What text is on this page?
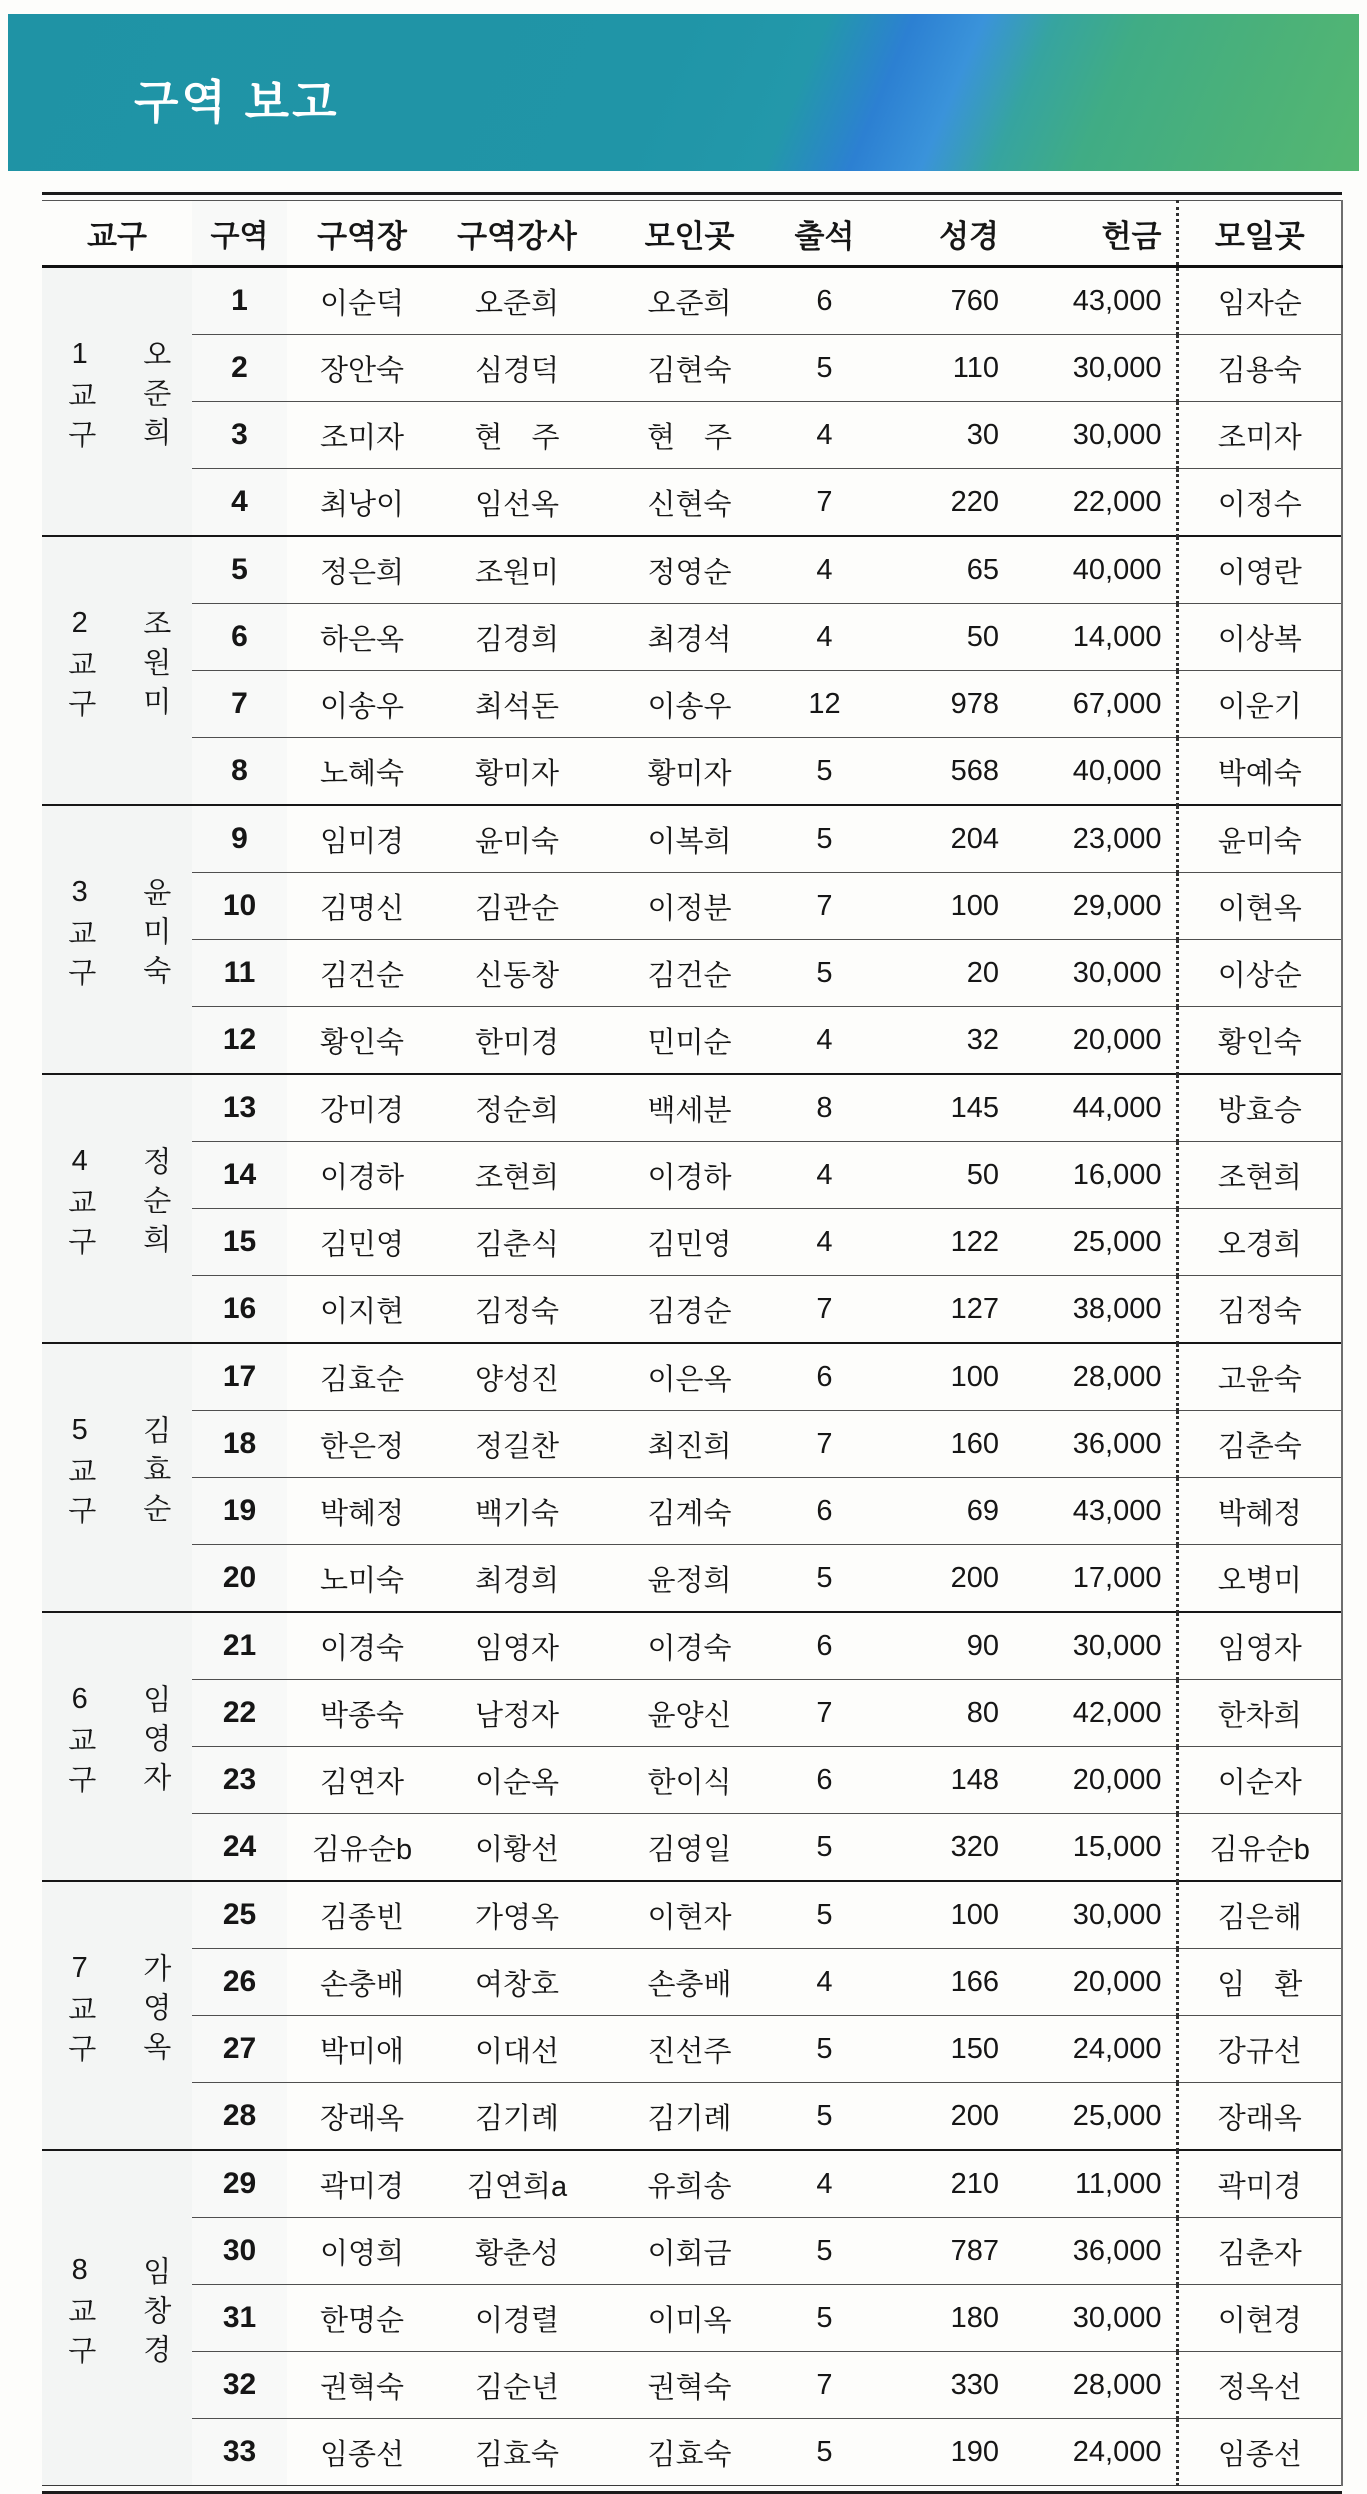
구역 보고
교구		구역	구역장	구역강사	모인곳	출석	성경	헌금	모일곳
1교구	오준희	1	이순덕	오준희	오준희	6	760	43,000	임자순
		2	장안숙	심경덕	김현숙	5	110	30,000	김용숙
		3	조미자	현　주	현　주	4	30	30,000	조미자
		4	최낭이	임선옥	신현숙	7	220	22,000	이정수
2교구	조원미	5	정은희	조원미	정영순	4	65	40,000	이영란
		6	하은옥	김경희	최경석	4	50	14,000	이상복
		7	이송우	최석돈	이송우	12	978	67,000	이운기
		8	노혜숙	황미자	황미자	5	568	40,000	박예숙
3교구	윤미숙	9	임미경	윤미숙	이복희	5	204	23,000	윤미숙
		10	김명신	김관순	이정분	7	100	29,000	이현옥
		11	김건순	신동창	김건순	5	20	30,000	이상순
		12	황인숙	한미경	민미순	4	32	20,000	황인숙
4교구	정순희	13	강미경	정순희	백세분	8	145	44,000	방효승
		14	이경하	조현희	이경하	4	50	16,000	조현희
		15	김민영	김춘식	김민영	4	122	25,000	오경희
		16	이지현	김정숙	김경순	7	127	38,000	김정숙
5교구	김효순	17	김효순	양성진	이은옥	6	100	28,000	고윤숙
		18	한은정	정길찬	최진희	7	160	36,000	김춘숙
		19	박혜정	백기숙	김계숙	6	69	43,000	박혜정
		20	노미숙	최경희	윤정희	5	200	17,000	오병미
6교구	임영자	21	이경숙	임영자	이경숙	6	90	30,000	임영자
		22	박종숙	남정자	윤양신	7	80	42,000	한차희
		23	김연자	이순옥	한이식	6	148	20,000	이순자
		24	김유순b	이황선	김영일	5	320	15,000	김유순b
7교구	가영옥	25	김종빈	가영옥	이현자	5	100	30,000	김은해
		26	손충배	여창호	손충배	4	166	20,000	임　환
		27	박미애	이대선	진선주	5	150	24,000	강규선
		28	장래옥	김기례	김기례	5	200	25,000	장래옥
8교구	임창경	29	곽미경	김연희a	유희송	4	210	11,000	곽미경
		30	이영희	황춘성	이회금	5	787	36,000	김춘자
		31	한명순	이경렬	이미옥	5	180	30,000	이현경
		32	권혁숙	김순년	권혁숙	7	330	28,000	정옥선
		33	임종선	김효숙	김효숙	5	190	24,000	임종선
